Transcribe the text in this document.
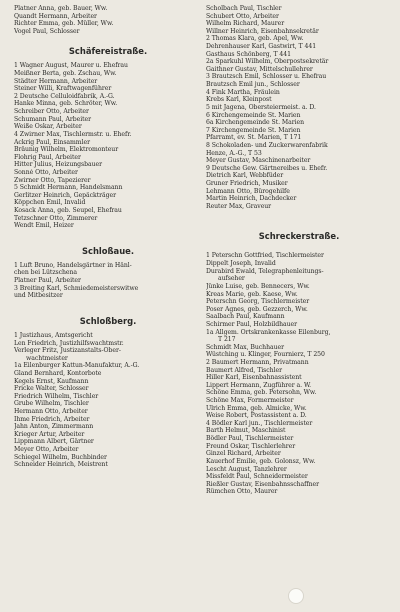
Platner Anna, geb. Bauer, Ww.
Quandt Hermann, Arbeiter
Richter Emma, geb. Müller, Ww.
Vogel Paul, Schlosser
Schäfereistraße.
1 Wagner August, Maurer u. Ehefrau
Meißner Berta, geb. Zschau, Ww.
Städter Hermann, Arbeiter
Steiner Willi, Kraftwagenführer
2 Deutsche Celluloidfabrik, A.-G.
Hanke Minna, geb. Schröter, Ww.
Schreiber Otto, Arbeiter
Schumann Paul, Arbeiter
Weiße Oskar, Arbeiter
4 Zwirner Max, Tischlermstr. u. Ehefr.
Ackrig Paul, Einsammler
Bräunig Wilhelm, Elektromonteur
Flohrig Paul, Arbeiter
Hitter Julius, Heizungsbauer
Sonné Otto, Arbeiter
Zwirner Otto, Tapezierer
5 Schmidt Hermann, Handelsmann
Gerlitzer Heinrich, Gepäckträger
Köppchen Emil, Invalid
Kosack Anna, geb. Seupel, Ehefrau
Tetzschner Otto, Zimmerer
Wendt Emil, Heizer
Schloßaue.
1 Luft Bruno, Handelsgärtner in Hänl-
chen bei Lützschena
Platner Paul, Arbeiter
3 Breiting Karl, Schmiedemeisterswitwe
und Mitbesitzer
Schloßberg.
1 Justizhaus, Amtsgericht
Len Friedrich, Justizhilfswachtmstr.
Verleger Fritz, Justizanstalts-Ober-
wachtmeister
1a Eilenburger Kattun-Manufaktur, A.-G.
Gland Bernhard, Kontorbote
Kegels Ernst, Kaufmann
Fricke Walter, Schlosser
Friedrich Wilhelm, Tischler
Grube Wilhelm, Tischler
Hermann Otto, Arbeiter
Ihme Friedrich, Arbeiter
Jahn Anton, Zimmermann
Krieger Artur, Arbeiter
Lippmann Albert, Gärtner
Meyer Otto, Arbeiter
Schiegel Wilhelm, Buchbinder
Schneider Heinrich, Meistrent
Scholbach Paul, Tischler
Schubert Otto, Arbeiter
Wilhelm Richard, Maurer
Willner Heinrich, Eisenbahnsekretär
2 Thomas Klara, geb. Apel, Ww.
Dehrenhauser Karl, Gastwirt, T 441
Gasthaus Schönberg, T 441
2a Sparkuhl Wilhelm, Oberpostsekretär
Gaithner Gustav, Mittelschullehrer
3 Brautzsch Emil, Schlosser u. Ehefrau
Brautzsch Emil jun., Schlosser
4 Fink Martha, Fräulein
Krebs Karl, Kleinpost
5 mit Jagena, Obersteiermeist. a. D.
6 Kirchengemeinde St. Marien
6a Kirchengemeinde St. Marien
7 Kirchengemeinde St. Marien
Pfarramt, ev. St. Marien, T 171
8 Schokoladen- und Zuckerwarenfabrik
Henze, A.-G., T 53
Meyer Gustav, Maschinenarbeiter
9 Deutsche Gew. Gärtnereibes u. Ehefr.
Dietrich Karl, Webbfüder
Gruner Friedrich, Musiker
Lehmann Otto, Bürogehilfe
Martin Heinrich, Dachdecker
Reuter Max, Graveur
Schreckerstraße.
1 Peterschn Gottfried, Tischlermeister
Dippelt Joseph, Invalid
Durabird Ewald, Telegraphenleitungs-
aufseher
Jünke Luise, geb. Bennecers, Ww.
Kreas Marie, geb. Kaese, Ww.
Peterschn Georg, Tischlermeister
Poser Agnes, geb. Gezzerch, Ww.
Saalbach Paul, Kaufmann
Schirmer Paul, Holzbildhauer
1a Allgem. Ortskrankenkasse Eilenburg,
T 217
Schmidt Max, Buchhauer
Wüstching u. Klinger, Fournierz, T 250
2 Baumert Hermann, Privatmann
Baumert Alfred, Tischler
Hiller Karl, Eisenbahnassistent
Lippert Hermann, Zugführer a. W.
Schöne Emma, geb. Petersohn, Ww.
Schöne Max, Formermeister
Ulrich Emma, geb. Almicke, Ww.
Weise Robert, Postassistent a. D.
4 Bödler Karl jun., Tischlermeister
Barth Helmut, Maschinist
Bödler Paul, Tischlermeister
Freund Oskar, Tischlerlehrer
Ginzel Richard, Arbeiter
Kauerhof Emilie, geb. Golonsz, Ww.
Lescht August, Tanzlehrer
Missfeldt Paul, Schneidermeister
Rießler Gustav, Eisenbahnsschaffner
Rümchen Otto, Maurer
